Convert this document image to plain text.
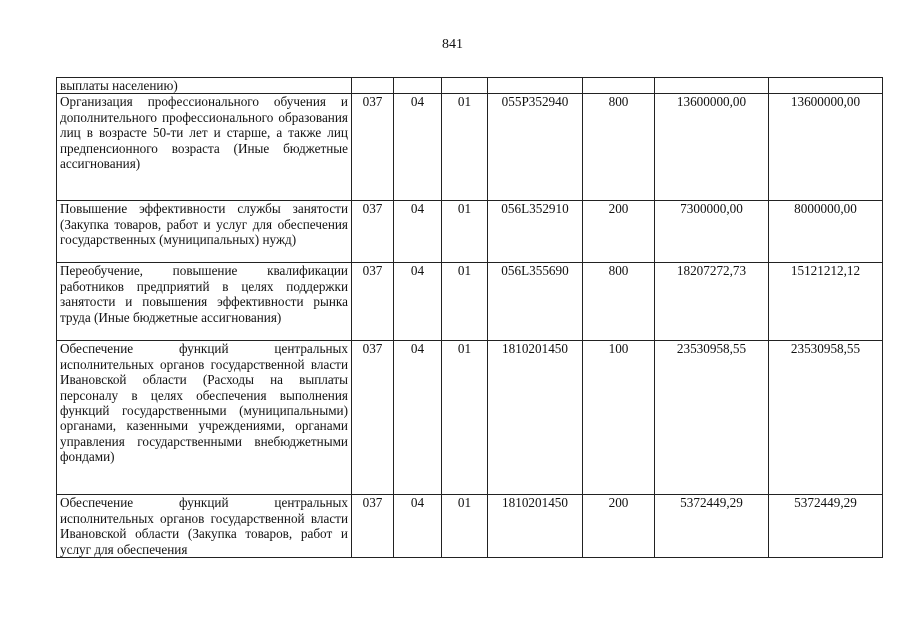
841
выплаты населению)							
Организация профессионального обучения и дополнительного профессионального образования лиц в возрасте 50-ти лет и старше, а также лиц предпенсионного возраста (Иные бюджетные ассигнования)	037	04	01	055P352940	800	13600000,00	13600000,00
Повышение эффективности службы занятости (Закупка товаров, работ и услуг для обеспечения государственных (муниципальных) нужд)	037	04	01	056L352910	200	7300000,00	8000000,00
Переобучение, повышение квалификации работников предприятий в целях поддержки занятости и повышения эффективности рынка труда (Иные бюджетные ассигнования)	037	04	01	056L355690	800	18207272,73	15121212,12
Обеспечение функций центральных исполнительных органов государственной власти Ивановской области (Расходы на выплаты персоналу в целях обеспечения выполнения функций государственными (муниципальными) органами, казенными учреждениями, органами управления государственными внебюджетными фондами)	037	04	01	1810201450	100	23530958,55	23530958,55
Обеспечение функций центральных исполнительных органов государственной власти Ивановской области (Закупка товаров, работ и услуг для обеспечения	037	04	01	1810201450	200	5372449,29	5372449,29
